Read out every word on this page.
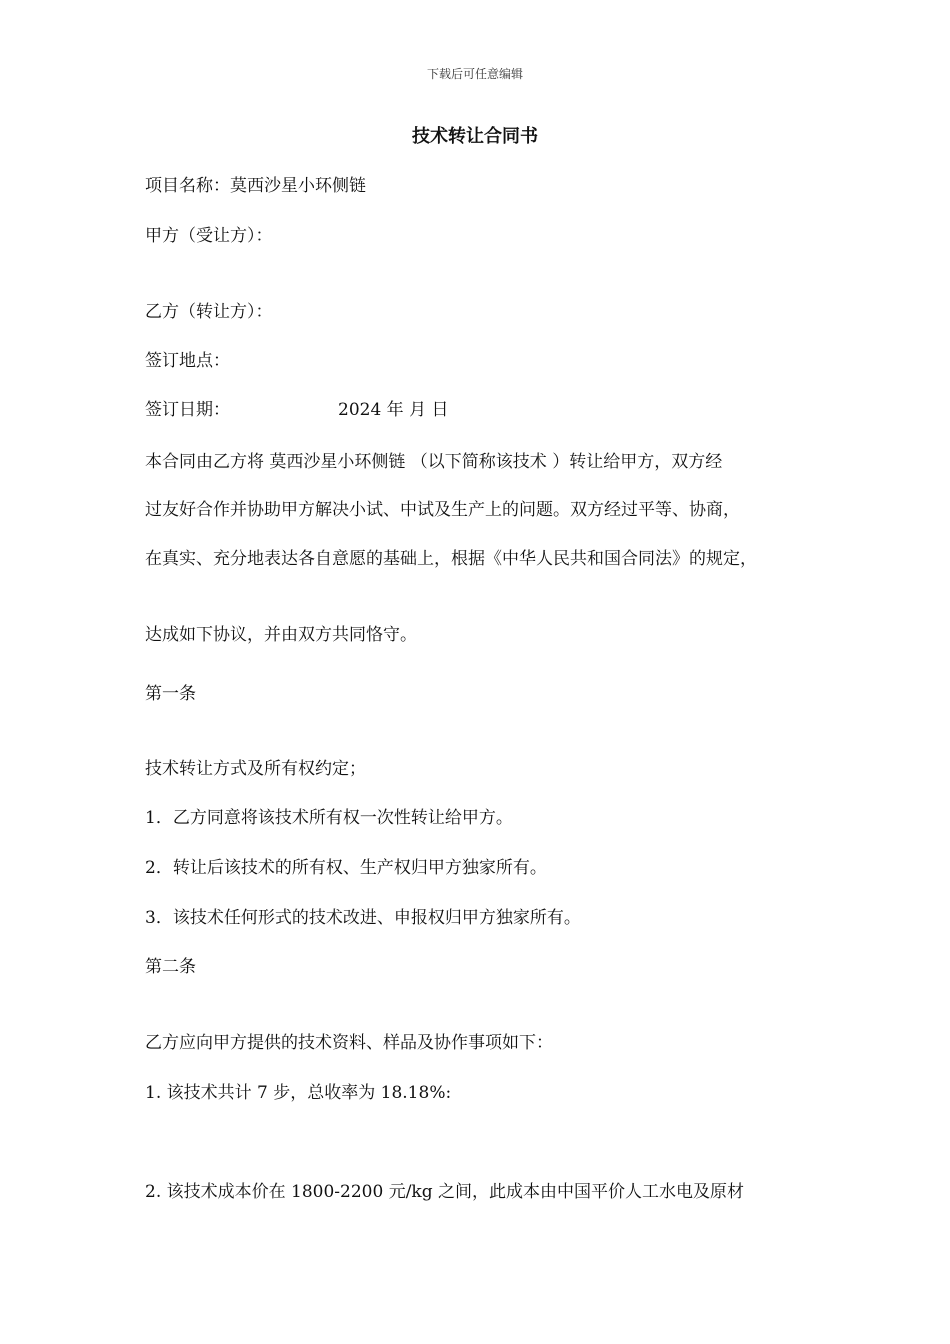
下载后可任意编辑
技术转让合同书
项目名称：莫西沙星小环侧链
甲方（受让方）：
乙方（转让方）：
签订地点：
签订日期：	2024 年 月 日
本合同由乙方将 莫西沙星小环侧链 （以下简称该技术 ）转让给甲方，双方经
过友好合作并协助甲方解决小试、中试及生产上的问题。双方经过平等、协商，
在真实、充分地表达各自意愿的基础上，根据《中华人民共和国合同法》的规定，
达成如下协议，并由双方共同恪守。
第一条
技术转让方式及所有权约定；
1．乙方同意将该技术所有权一次性转让给甲方。
2．转让后该技术的所有权、生产权归甲方独家所有。
3．该技术任何形式的技术改进、申报权归甲方独家所有。
第二条
乙方应向甲方提供的技术资料、样品及协作事项如下：
1. 该技术共计 7 步，总收率为 18.18%:
2. 该技术成本价在 1800-2200 元/kg 之间，此成本由中国平价人工水电及原材
